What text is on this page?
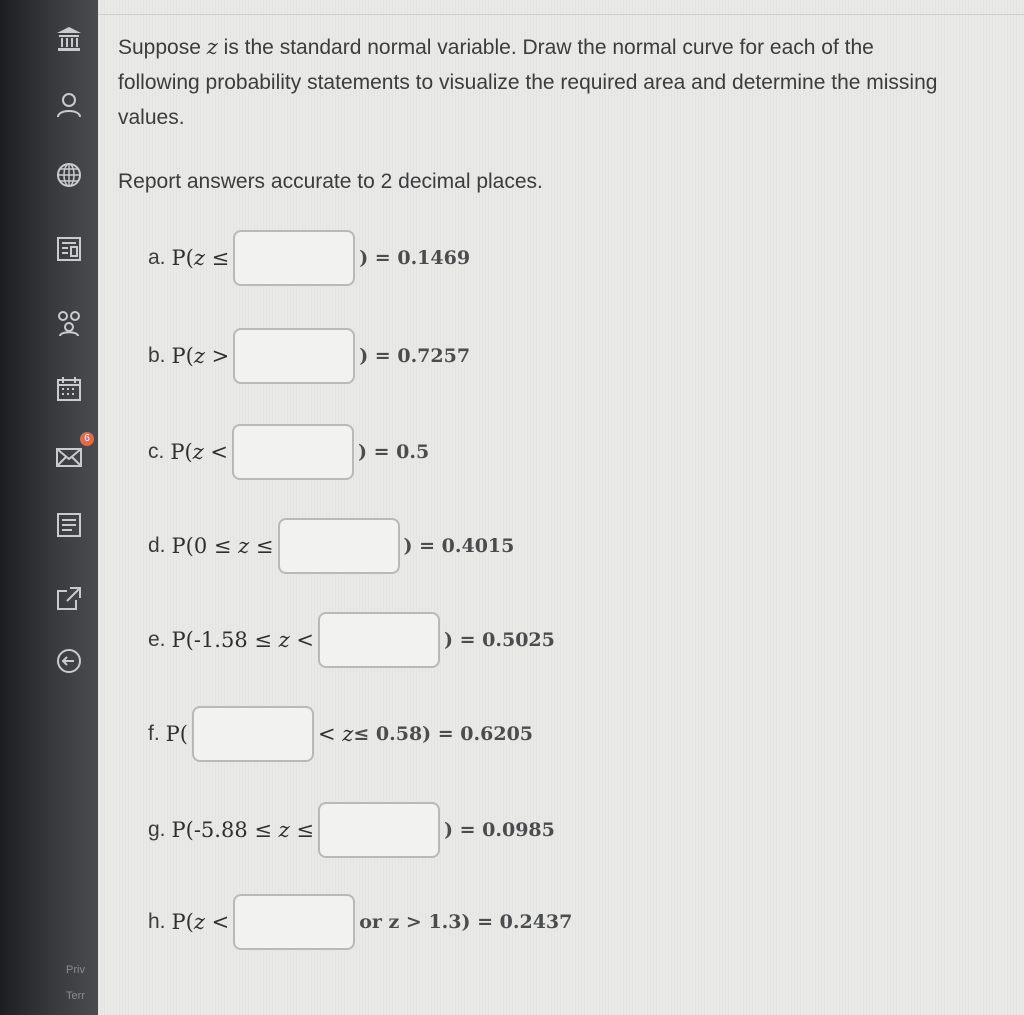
6
Priv
Terr
Suppose z is the standard normal variable. Draw the normal curve for each of the following probability statements to visualize the required area and determine the missing values.
Report answers accurate to 2 decimal places.
a. P(z ≤	) = 0.1469
b. P(z >	) = 0.7257
c. P(z <	) = 0.5
d. P(0 ≤ z ≤	) = 0.4015
e. P(-1.58 ≤ z <	) = 0.5025
f. P(	< z ≤ 0.58) = 0.6205
g. P(-5.88 ≤ z ≤	) = 0.0985
h. P(z <	or z > 1.3) = 0.2437
